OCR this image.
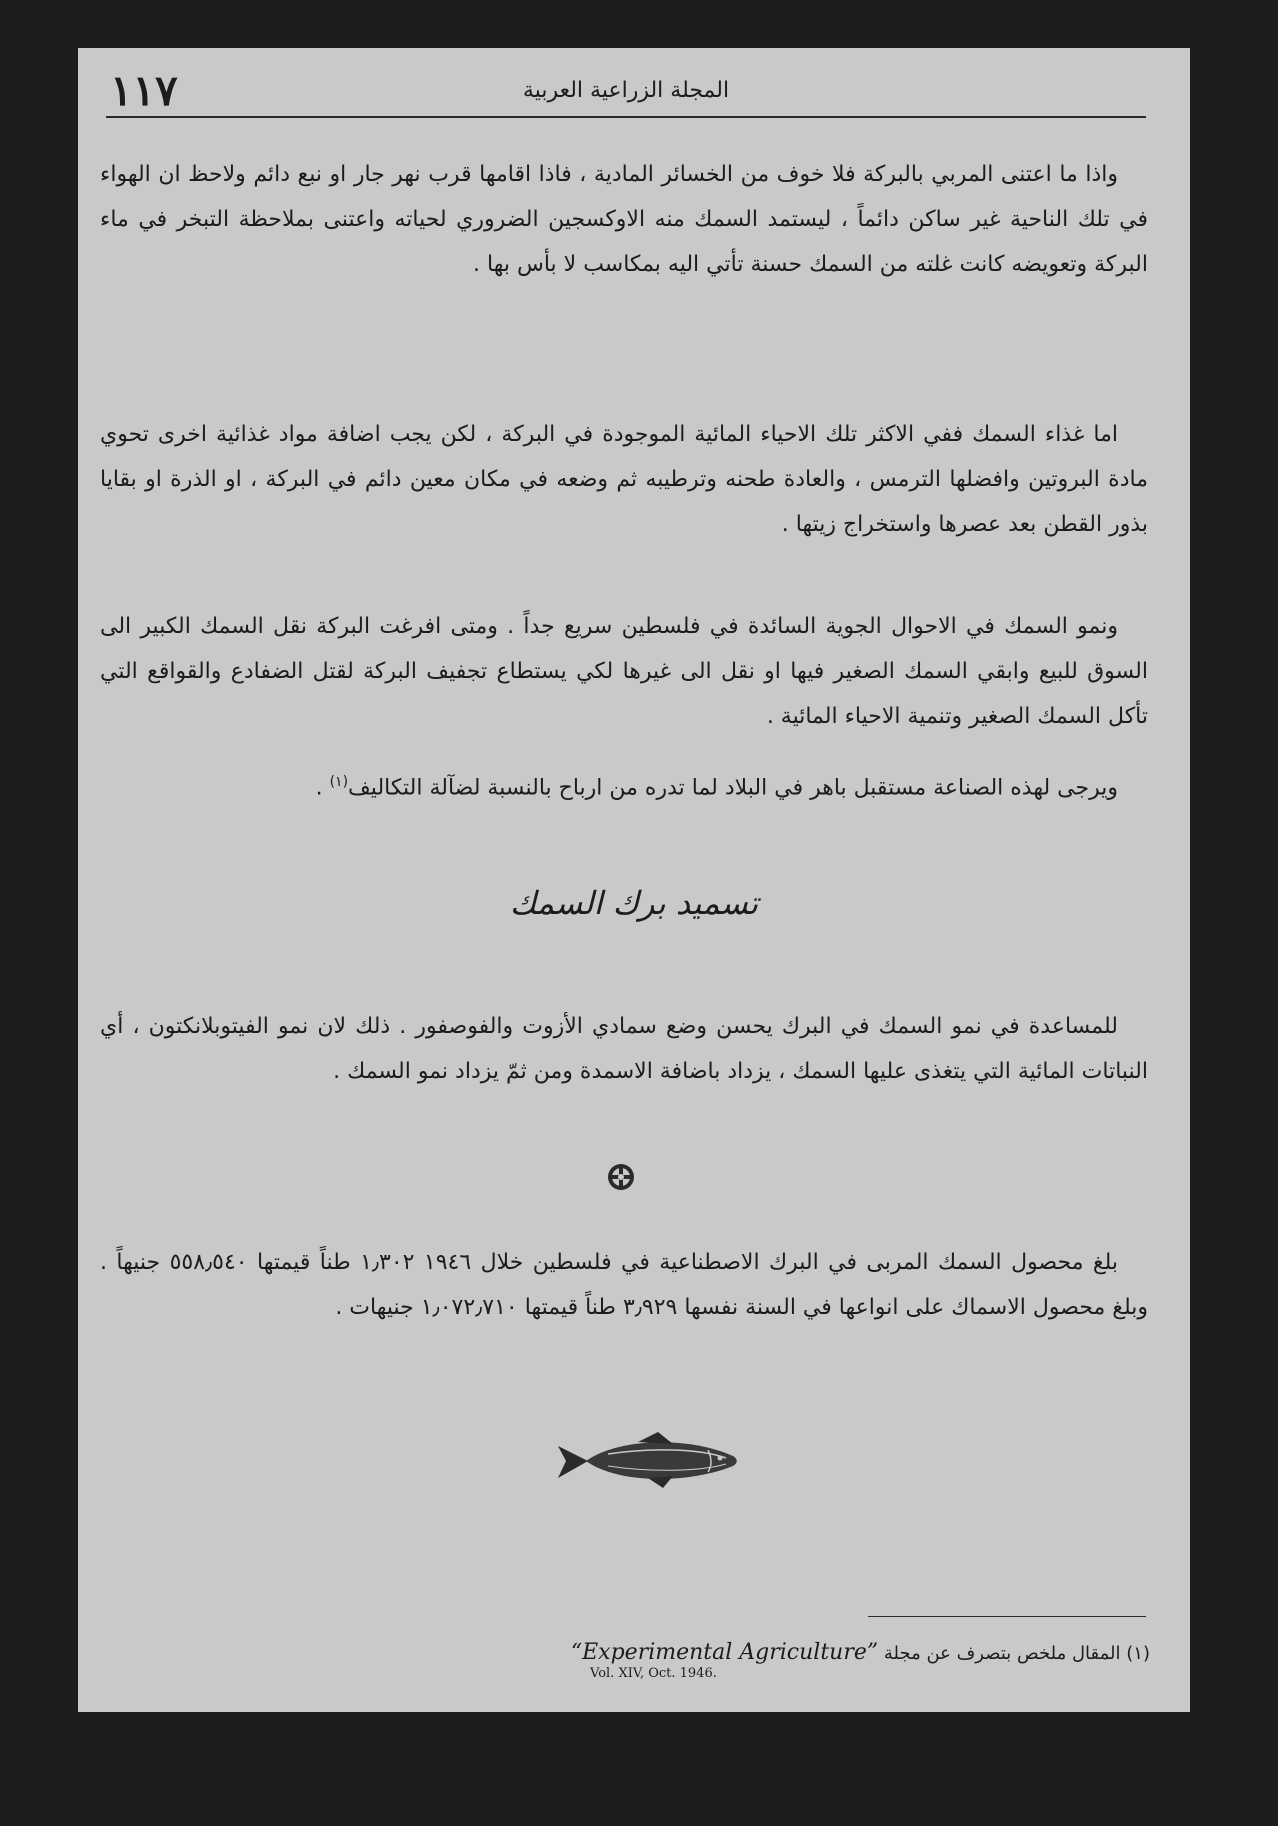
١١٧	المجلة الزراعية العربية

واذا ما اعتنى المربي بالبركة فلا خوف من الخسائر المادية ، فاذا اقامها قرب نهر جار او نبع دائم ولاحظ ان الهواء في تلك الناحية غير ساكن دائماً ، ليستمد السمك منه الاوكسجين الضروري لحياته واعتنى بملاحظة التبخر في ماء البركة وتعويضه كانت غلته من السمك حسنة تأتي اليه بمكاسب لا بأس بها .

اما غذاء السمك ففي الاكثر تلك الاحياء المائية الموجودة في البركة ، لكن يجب اضافة مواد غذائية اخرى تحوي مادة البروتين وافضلها الترمس ، والعادة طحنه وترطيبه ثم وضعه في مكان معين دائم في البركة ، او الذرة او بقايا بذور القطن بعد عصرها واستخراج زيتها .

ونمو السمك في الاحوال الجوية السائدة في فلسطين سريع جداً . ومتى افرغت البركة نقل السمك الكبير الى السوق للبيع وابقي السمك الصغير فيها او نقل الى غيرها لكي يستطاع تجفيف البركة لقتل الضفادع والقواقع التي تأكل السمك الصغير وتنمية الاحياء المائية .

ويرجى لهذه الصناعة مستقبل باهر في البلاد لما تدره من ارباح بالنسبة لضآلة التكاليف$^{(١)}$ .

تسميد برك السمك

للمساعدة في نمو السمك في البرك يحسن وضع سمادي الأزوت والفوصفور . ذلك لان نمو الفيتوبلانكتون ، أي النباتات المائية التي يتغذى عليها السمك ، يزداد باضافة الاسمدة ومن ثمّ يزداد نمو السمك .

بلغ محصول السمك المربى في البرك الاصطناعية في فلسطين خلال ١٩٤٦ ١٫٣٠٢ طناً قيمتها ٥٥٨٫٥٤٠ جنيهاً . وبلغ محصول الاسماك على انواعها في السنة نفسها ٣٫٩٢٩ طناً قيمتها ١٫٠٧٢٫٧١٠ جنيهات .

(١) المقال ملخص بتصرف عن مجلة “Experimental Agriculture”
Vol. XIV, Oct. 1946.
